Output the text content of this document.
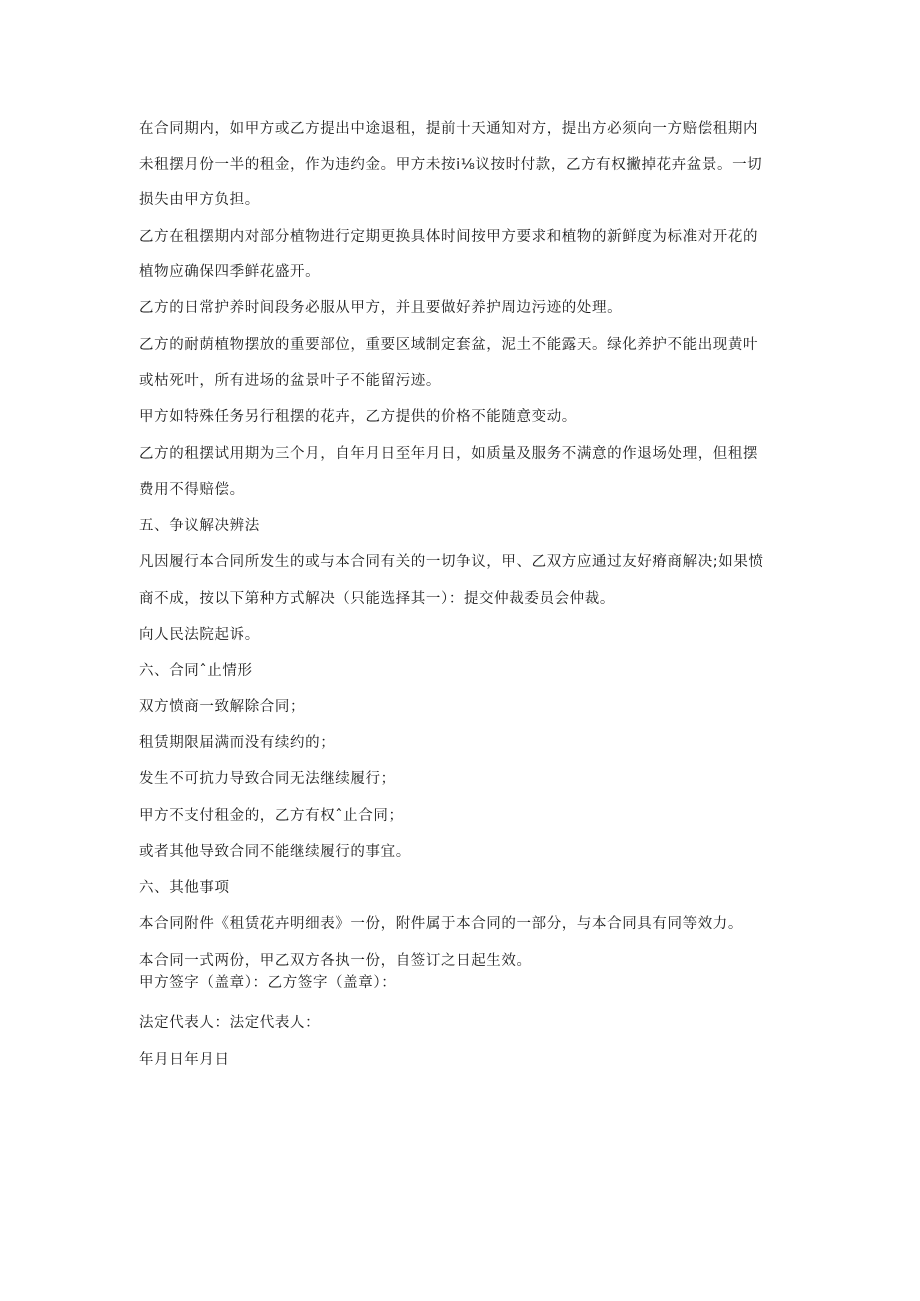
在合同期内，如甲方或乙方提出中途退租，提前十天通知对方，提出方必须向一方赔偿租期内
未租摆月份一半的租金，作为违约金。甲方未按i⅛议按时付款，乙方有权撇掉花卉盆景。一切
损失由甲方负担。
乙方在租摆期内对部分植物进行定期更换具体时间按甲方要求和植物的新鲜度为标准对开花的
植物应确保四季鲜花盛开。
乙方的日常护养时间段务必服从甲方，并且要做好养护周边污迹的处理。
乙方的耐荫植物摆放的重要部位，重要区域制定套盆，泥土不能露天。绿化养护不能出现黄叶
或枯死叶，所有进场的盆景叶子不能留污迹。
甲方如特殊任务另行租摆的花卉，乙方提供的价格不能随意变动。
乙方的租摆试用期为三个月，自年月日至年月日，如质量及服务不满意的作退场处理，但租摆
费用不得赔偿。
五、争议解决辨法
凡因履行本合同所发生的或与本合同有关的一切争议，甲、乙双方应通过友好瘠商解决;如果愤
商不成，按以下第种方式解决（只能选择其一）：提交仲裁委员会仲裁。
向人民法院起诉。
六、合同ˆ止情形
双方愤商一致解除合同；
租赁期限届满而没有续约的；
发生不可抗力导致合同无法继续履行；
甲方不支付租金的，乙方有权ˆ止合同；
或者其他导致合同不能继续履行的事宜。
六、其他事项
本合同附件《租赁花卉明细表》一份，附件属于本合同的一部分，与本合同具有同等效力。
本合同一式两份，甲乙双方各执一份，自签订之日起生效。
甲方签字（盖章）：乙方签字（盖章）：
法定代表人：法定代表人：
年月日年月日
